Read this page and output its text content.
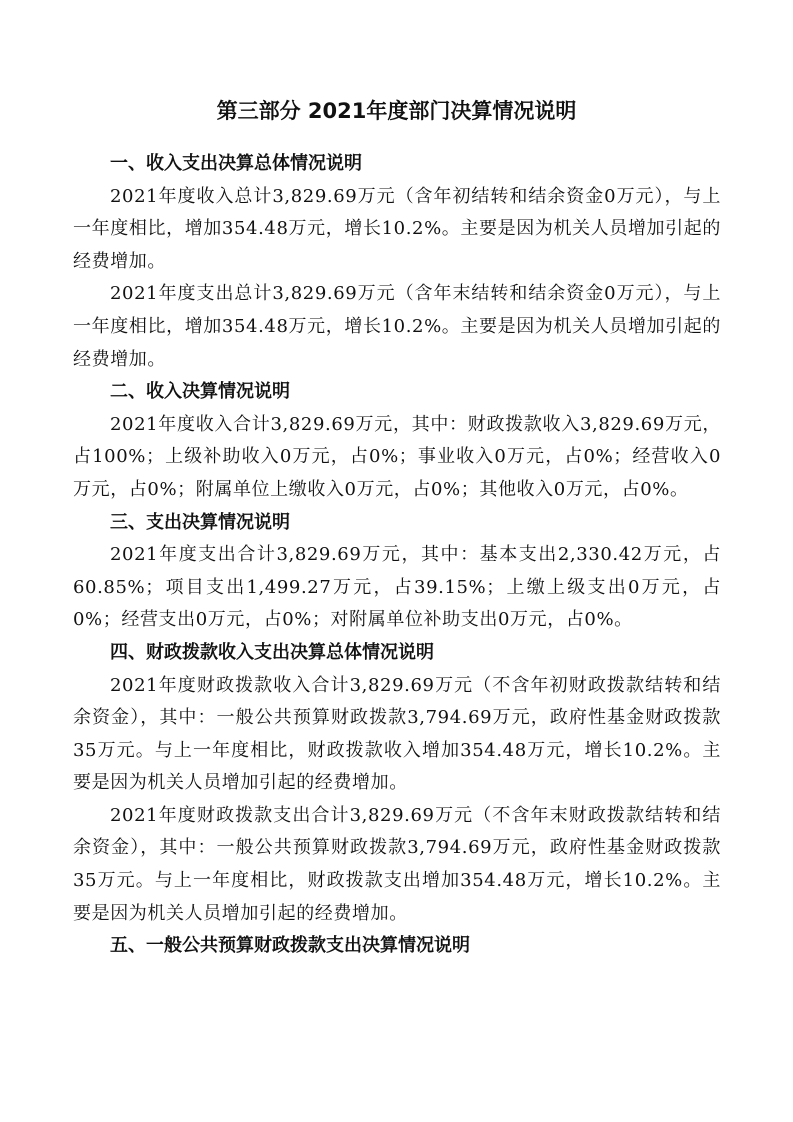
第三部分 2021年度部门决算情况说明
一、收入支出决算总体情况说明

2021年度收入总计3,829.69万元（含年初结转和结余资金0万元），与上一年度相比，增加354.48万元，增长10.2%。主要是因为机关人员增加引起的经费增加。

2021年度支出总计3,829.69万元（含年末结转和结余资金0万元），与上一年度相比，增加354.48万元，增长10.2%。主要是因为机关人员增加引起的经费增加。

二、收入决算情况说明

2021年度收入合计3,829.69万元，其中：财政拨款收入3,829.69万元，占100%；上级补助收入0万元，占0%；事业收入0万元，占0%；经营收入0万元，占0%；附属单位上缴收入0万元，占0%；其他收入0万元，占0%。

三、支出决算情况说明

2021年度支出合计3,829.69万元，其中：基本支出2,330.42万元，占60.85%；项目支出1,499.27万元，占39.15%；上缴上级支出0万元，占0%；经营支出0万元，占0%；对附属单位补助支出0万元，占0%。

四、财政拨款收入支出决算总体情况说明

2021年度财政拨款收入合计3,829.69万元（不含年初财政拨款结转和结余资金），其中：一般公共预算财政拨款3,794.69万元，政府性基金财政拨款35万元。与上一年度相比，财政拨款收入增加354.48万元，增长10.2%。主要是因为机关人员增加引起的经费增加。

2021年度财政拨款支出合计3,829.69万元（不含年末财政拨款结转和结余资金），其中：一般公共预算财政拨款3,794.69万元，政府性基金财政拨款35万元。与上一年度相比，财政拨款支出增加354.48万元，增长10.2%。主要是因为机关人员增加引起的经费增加。

五、一般公共预算财政拨款支出决算情况说明
